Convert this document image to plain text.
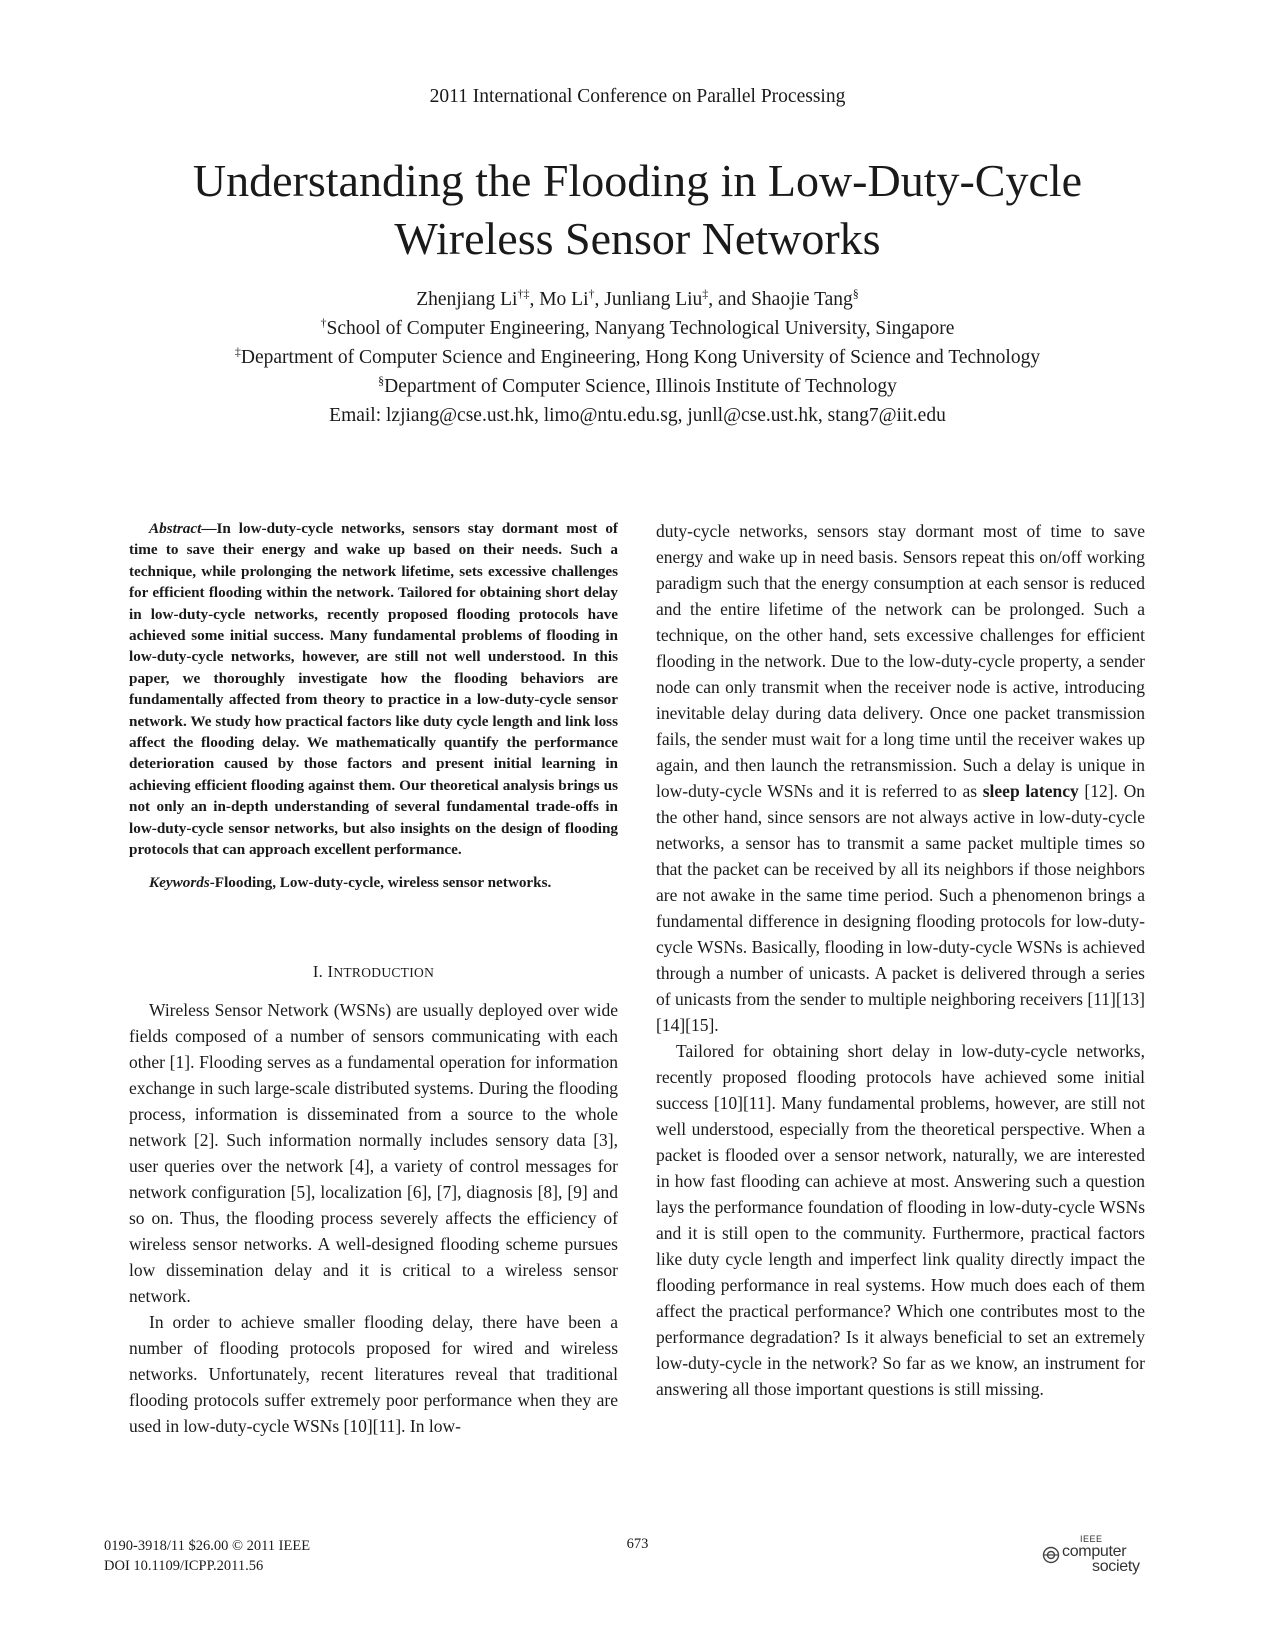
2011 International Conference on Parallel Processing
Understanding the Flooding in Low-Duty-Cycle
Wireless Sensor Networks
Zhenjiang Li†‡, Mo Li†, Junliang Liu‡, and Shaojie Tang§
†School of Computer Engineering, Nanyang Technological University, Singapore
‡Department of Computer Science and Engineering, Hong Kong University of Science and Technology
§Department of Computer Science, Illinois Institute of Technology
Email: lzjiang@cse.ust.hk, limo@ntu.edu.sg, junll@cse.ust.hk, stang7@iit.edu

Abstract—In low-duty-cycle networks, sensors stay dormant most of time to save their energy and wake up based on their needs. Such a technique, while prolonging the network lifetime, sets excessive challenges for efficient flooding within the network. Tailored for obtaining short delay in low-duty-cycle networks, recently proposed flooding protocols have achieved some initial success. Many fundamental problems of flooding in low-duty-cycle networks, however, are still not well understood. In this paper, we thoroughly investigate how the flooding behaviors are fundamentally affected from theory to practice in a low-duty-cycle sensor network. We study how practical factors like duty cycle length and link loss affect the flooding delay. We mathematically quantify the performance deterioration caused by those factors and present initial learning in achieving efficient flooding against them. Our theoretical analysis brings us not only an in-depth understanding of several fundamental trade-offs in low-duty-cycle sensor networks, but also insights on the design of flooding protocols that can approach excellent performance.

Keywords-Flooding, Low-duty-cycle, wireless sensor networks.

I. INTRODUCTION

Wireless Sensor Network (WSNs) are usually deployed over wide fields composed of a number of sensors communicating with each other [1]. Flooding serves as a fundamental operation for information exchange in such large-scale distributed systems. During the flooding process, information is disseminated from a source to the whole network [2]. Such information normally includes sensory data [3], user queries over the network [4], a variety of control messages for network configuration [5], localization [6], [7], diagnosis [8], [9] and so on. Thus, the flooding process severely affects the efficiency of wireless sensor networks. A well-designed flooding scheme pursues low dissemination delay and it is critical to a wireless sensor network.

In order to achieve smaller flooding delay, there have been a number of flooding protocols proposed for wired and wireless networks. Unfortunately, recent literatures reveal that traditional flooding protocols suffer extremely poor performance when they are used in low-duty-cycle WSNs [10][11]. In low-

duty-cycle networks, sensors stay dormant most of time to save energy and wake up in need basis. Sensors repeat this on/off working paradigm such that the energy consumption at each sensor is reduced and the entire lifetime of the network can be prolonged. Such a technique, on the other hand, sets excessive challenges for efficient flooding in the network. Due to the low-duty-cycle property, a sender node can only transmit when the receiver node is active, introducing inevitable delay during data delivery. Once one packet transmission fails, the sender must wait for a long time until the receiver wakes up again, and then launch the retransmission. Such a delay is unique in low-duty-cycle WSNs and it is referred to as sleep latency [12]. On the other hand, since sensors are not always active in low-duty-cycle networks, a sensor has to transmit a same packet multiple times so that the packet can be received by all its neighbors if those neighbors are not awake in the same time period. Such a phenomenon brings a fundamental difference in designing flooding protocols for low-duty-cycle WSNs. Basically, flooding in low-duty-cycle WSNs is achieved through a number of unicasts. A packet is delivered through a series of unicasts from the sender to multiple neighboring receivers [11][13][14][15].

Tailored for obtaining short delay in low-duty-cycle networks, recently proposed flooding protocols have achieved some initial success [10][11]. Many fundamental problems, however, are still not well understood, especially from the theoretical perspective. When a packet is flooded over a sensor network, naturally, we are interested in how fast flooding can achieve at most. Answering such a question lays the performance foundation of flooding in low-duty-cycle WSNs and it is still open to the community. Furthermore, practical factors like duty cycle length and imperfect link quality directly impact the flooding performance in real systems. How much does each of them affect the practical performance? Which one contributes most to the performance degradation? Is it always beneficial to set an extremely low-duty-cycle in the network? So far as we know, an instrument for answering all those important questions is still missing.

0190-3918/11 $26.00 © 2011 IEEE
DOI 10.1109/ICPP.2011.56
673	IEEE
computer
society
